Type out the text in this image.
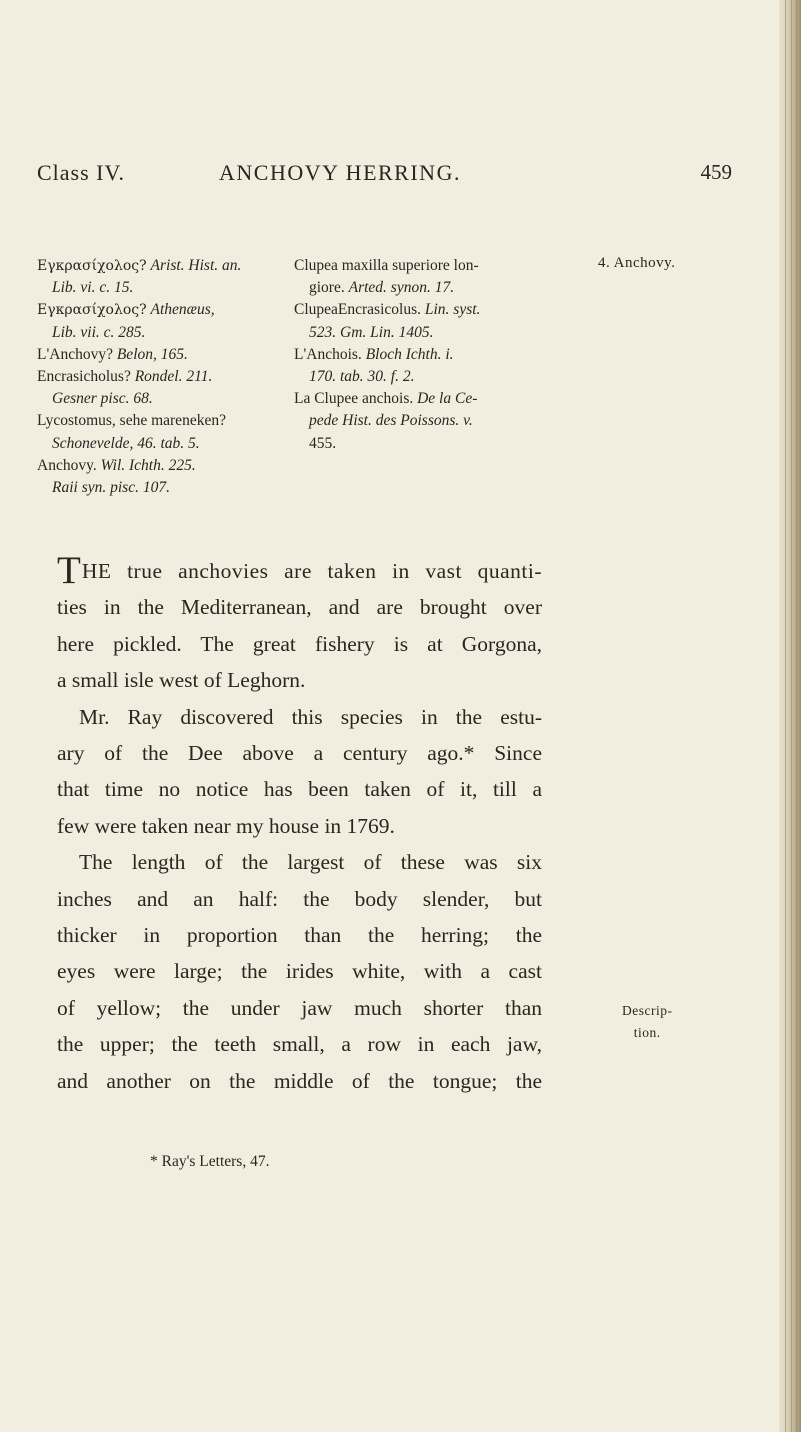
Class IV.	ANCHOVY HERRING.	459
Εγκρασίχολος? Arist. Hist. an.
Lib. vi. c. 15.
Εγκρασίχολος? Athenæus,
Lib. vii. c. 285.
L'Anchovy? Belon, 165.
Encrasicholus? Rondel. 211.
Gesner pisc. 68.
Lycostomus, sehe mareneken?
Schonevelde, 46. tab. 5.
Anchovy. Wil. Ichth. 225.
Raii syn. pisc. 107.
Clupea maxilla superiore lon-
giore. Arted. synon. 17.
ClupeaEncrasicolus. Lin. syst.
523. Gm. Lin. 1405.
L'Anchois. Bloch Ichth. i.
170. tab. 30. f. 2.
La Clupee anchois. De la Ce-
pede Hist. des Poissons. v.
455.
4. Anchovy.
Descrip-
tion.
THE true anchovies are taken in vast quanti-
ties in the Mediterranean, and are brought over
here pickled. The great fishery is at Gorgona,
a small isle west of Leghorn.
Mr. Ray discovered this species in the estu-
ary of the Dee above a century ago.* Since
that time no notice has been taken of it, till a
few were taken near my house in 1769.
The length of the largest of these was six
inches and an half: the body slender, but
thicker in proportion than the herring; the
eyes were large; the irides white, with a cast
of yellow; the under jaw much shorter than
the upper; the teeth small, a row in each jaw,
and another on the middle of the tongue; the
* Ray's Letters, 47.
